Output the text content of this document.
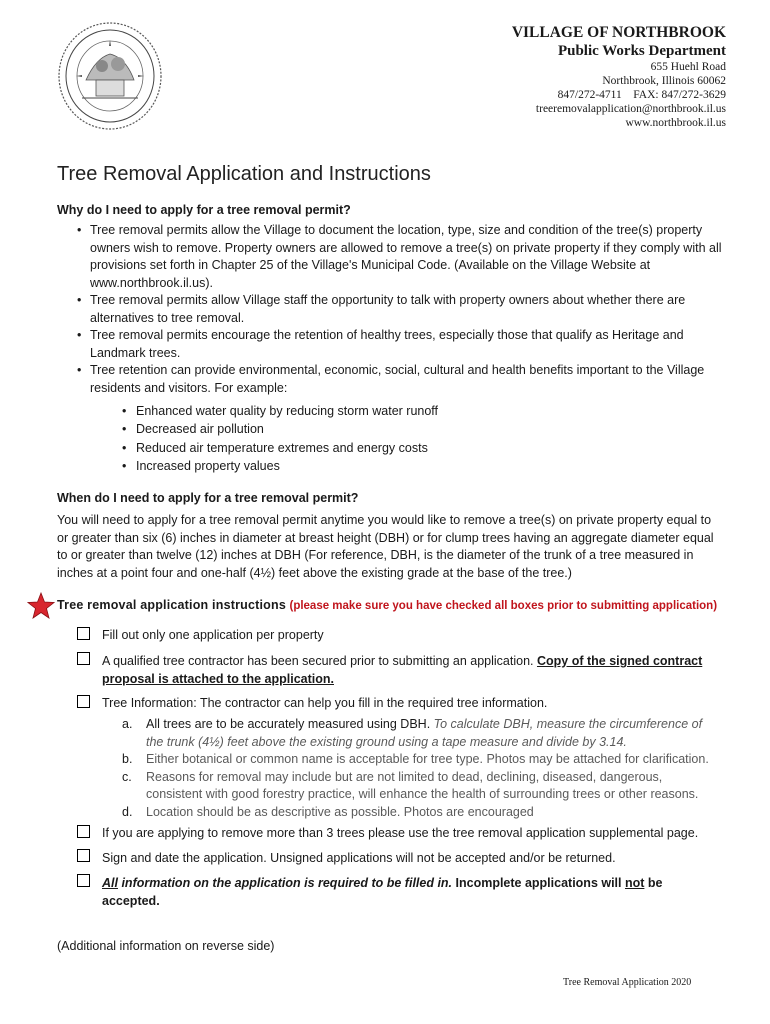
VILLAGE OF NORTHBROOK
Public Works Department
655 Huehl Road
Northbrook, Illinois 60062
847/272-4711    FAX: 847/272-3629
treeremovalapplication@northbrook.il.us
www.northbrook.il.us
Tree Removal Application and Instructions
Why do I need to apply for a tree removal permit?
• Tree removal permits allow the Village to document the location, type, size and condition of the tree(s) property owners wish to remove. Property owners are allowed to remove a tree(s) on private property if they comply with all provisions set forth in Chapter 25 of the Village's Municipal Code. (Available on the Village Website at www.northbrook.il.us).
• Tree removal permits allow Village staff the opportunity to talk with property owners about whether there are alternatives to tree removal.
• Tree removal permits encourage the retention of healthy trees, especially those that qualify as Heritage and Landmark trees.
• Tree retention can provide environmental, economic, social, cultural and health benefits important to the Village residents and visitors. For example:
• Enhanced water quality by reducing storm water runoff
• Decreased air pollution
• Reduced air temperature extremes and energy costs
• Increased property values
When do I need to apply for a tree removal permit?
You will need to apply for a tree removal permit anytime you would like to remove a tree(s) on private property equal to or greater than six (6) inches in diameter at breast height (DBH) or for clump trees having an aggregate diameter equal to or greater than twelve (12) inches at DBH (For reference, DBH, is the diameter of the trunk of a tree measured in inches at a point four and one-half (4½) feet above the existing grade at the base of the tree.)
Tree removal application instructions (please make sure you have checked all boxes prior to submitting application)
Fill out only one application per property
A qualified tree contractor has been secured prior to submitting an application. Copy of the signed contract proposal is attached to the application.
Tree Information: The contractor can help you fill in the required tree information.
a. All trees are to be accurately measured using DBH. To calculate DBH, measure the circumference of the trunk (4½) feet above the existing ground using a tape measure and divide by 3.14.
b. Either botanical or common name is acceptable for tree type. Photos may be attached for clarification.
c. Reasons for removal may include but are not limited to dead, declining, diseased, dangerous, consistent with good forestry practice, will enhance the health of surrounding trees or other reasons.
d. Location should be as descriptive as possible. Photos are encouraged
If you are applying to remove more than 3 trees please use the tree removal application supplemental page.
Sign and date the application. Unsigned applications will not be accepted and/or be returned.
All information on the application is required to be filled in. Incomplete applications will not be accepted.
(Additional information on reverse side)
Tree Removal Application 2020
